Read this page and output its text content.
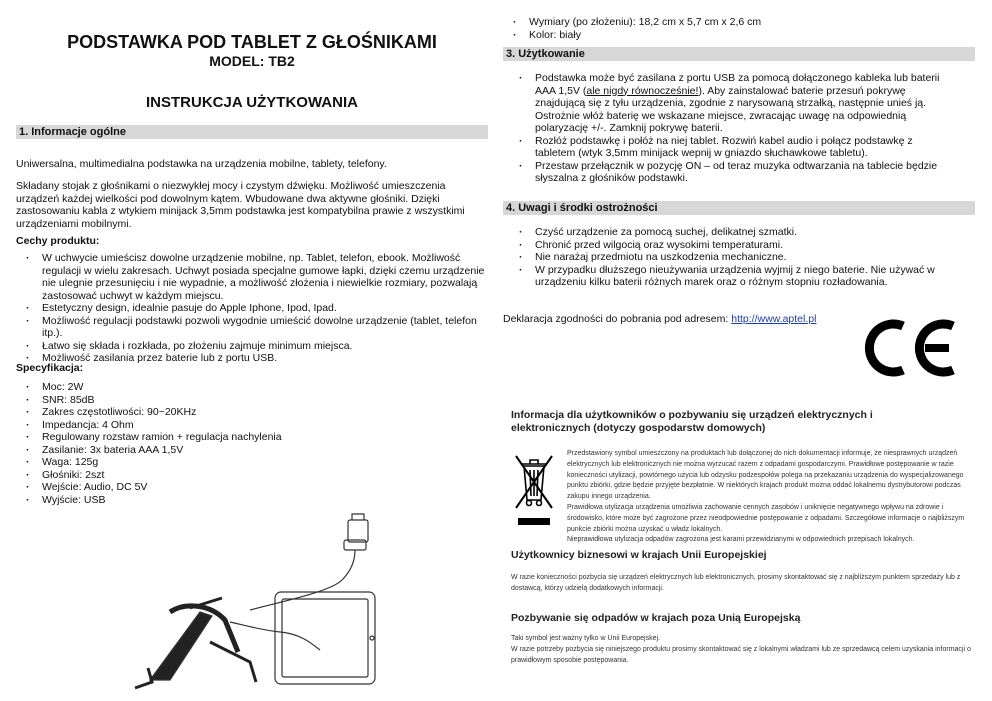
PODSTAWKA POD TABLET Z GŁOŚNIKAMI
MODEL: TB2
INSTRUKCJA UŻYTKOWANIA
1. Informacje ogólne
Uniwersalna, multimedialna podstawka na urządzenia mobilne, tablety, telefony.
Składany stojak z głośnikami o niezwykłej mocy i czystym dźwięku. Możliwość umieszczenia urządzeń każdej wielkości pod dowolnym kątem. Wbudowane dwa aktywne głośniki. Dzięki zastosowaniu kabla z wtykiem minijack 3,5mm podstawka jest kompatybilna prawie z wszystkimi urządzeniami mobilnymi.
Cechy produktu:
· W uchwycie umieścisz dowolne urządzenie mobilne, np. Tablet, telefon, ebook. Możliwość regulacji w wielu zakresach. Uchwyt posiada specjalne gumowe łapki, dzięki czemu urządzenie nie ulegnie przesunięciu i nie wypadnie, a możliwość złożenia i niewielkie rozmiary, pozwalają zastosować uchwyt w każdym miejscu.
· Estetyczny design, idealnie pasuje do Apple Iphone, Ipod, Ipad.
· Możliwość regulacji podstawki pozwoli wygodnie umieścić dowolne urządzenie (tablet, telefon itp.).
· Łatwo się składa i rozkłada, po złożeniu zajmuje minimum miejsca.
· Możliwość zasilania przez baterie lub z portu USB.
Specyfikacja:
· Moc: 2W
· SNR: 85dB
· Zakres częstotliwości: 90~20KHz
· Impedancja: 4 Ohm
· Regulowany rozstaw ramion + regulacja nachylenia
· Zasilanie: 3x bateria AAA 1,5V
· Waga: 125g
· Głośniki: 2szt
· Wejście: Audio, DC 5V
· Wyjście: USB
· Wymiary (po złożeniu): 18,2 cm x 5,7 cm x 2,6 cm
· Kolor: biały
3. Użytkowanie
· Podstawka może być zasilana z portu USB za pomocą dołączonego kableka lub baterii AAA 1,5V (ale nigdy równocześnie!). Aby zainstalować baterie przesuń pokrywę znajdującą się z tyłu urządzenia, zgodnie z narysowaną strzałką, następnie unieś ją. Ostrożnie włóż baterię we wskazane miejsce, zwracając uwagę na odpowiednią polaryzację +/-. Zamknij pokrywę baterii.
· Rozłóż podstawkę i połóż na niej tablet. Rozwiń kabel audio i połącz podstawkę z tabletem (wtyk 3,5mm minijack wepnij w gniazdo słuchawkowe tabletu).
· Przestaw przełącznik w pozycję ON – od teraz muzyka odtwarzania na tablecie będzie słyszalna z głośników podstawki.
4. Uwagi i środki ostrożności
· Czyść urządzenie za pomocą suchej, delikatnej szmatki.
· Chronić przed wilgocią oraz wysokimi temperaturami.
· Nie narażaj przedmiotu na uszkodzenia mechaniczne.
· W przypadku dłuższego nieużywania urządzenia wyjmij z niego baterie. Nie używać w urządzeniu kilku baterii różnych marek oraz o różnym stopniu rozładowania.
Deklaracja zgodności do pobrania pod adresem: http://www.aptel.pl
Informacja dla użytkowników o pozbywaniu się urządzeń elektrycznych i elektronicznych (dotyczy gospodarstw domowych)
Przedstawiony symbol umieszczony na produktach lub dołączonej do nich dokumentacji informuje, że niesprawnych urządzeń elektrycznych lub elektronicznych nie można wyrzucać razem z odpadami gospodarczymi. Prawidłowe postępowanie w razie konieczności utylizacji, powtórnego użycia lub odzysku podzespołów polega na przekazaniu urządzenia do wyspecjalizowanego punktu zbiórki, gdzie będzie przyjęte bezpłatnie. W niektórych krajach produkt można oddać lokalnemu dystrybutorowi podczas zakupu innego urządzenia.
Prawidłowa utylizacja urządzenia umożliwia zachowanie cennych zasobów i uniknięcie negatywnego wpływu na zdrowie i środowisko, które może być zagrożone przez nieodpowiednie postępowanie z odpadami. Szczegółowe informacje o najbliższym punkcie zbiórki można uzyskać u władz lokalnych.
Nieprawidłowa utylizacja odpadów zagrożona jest karami przewidzianymi w odpowiednich przepisach lokalnych.
Użytkownicy biznesowi w krajach Unii Europejskiej
W razie konieczności pozbycia się urządzeń elektrycznych lub elektronicznych, prosimy skontaktować się z najbliższym punktem sprzedaży lub z dostawcą, którzy udzielą dodatkowych informacji.
Pozbywanie się odpadów w krajach poza Unią Europejską
Taki symbol jest ważny tylko w Unii Europejskej.
W razie potrzeby pozbycia się niniejszego produktu prosimy skontaktować się z lokalnymi władzami lub ze sprzedawcą celem uzyskania informacji o prawidłowym sposobie postępowania.
